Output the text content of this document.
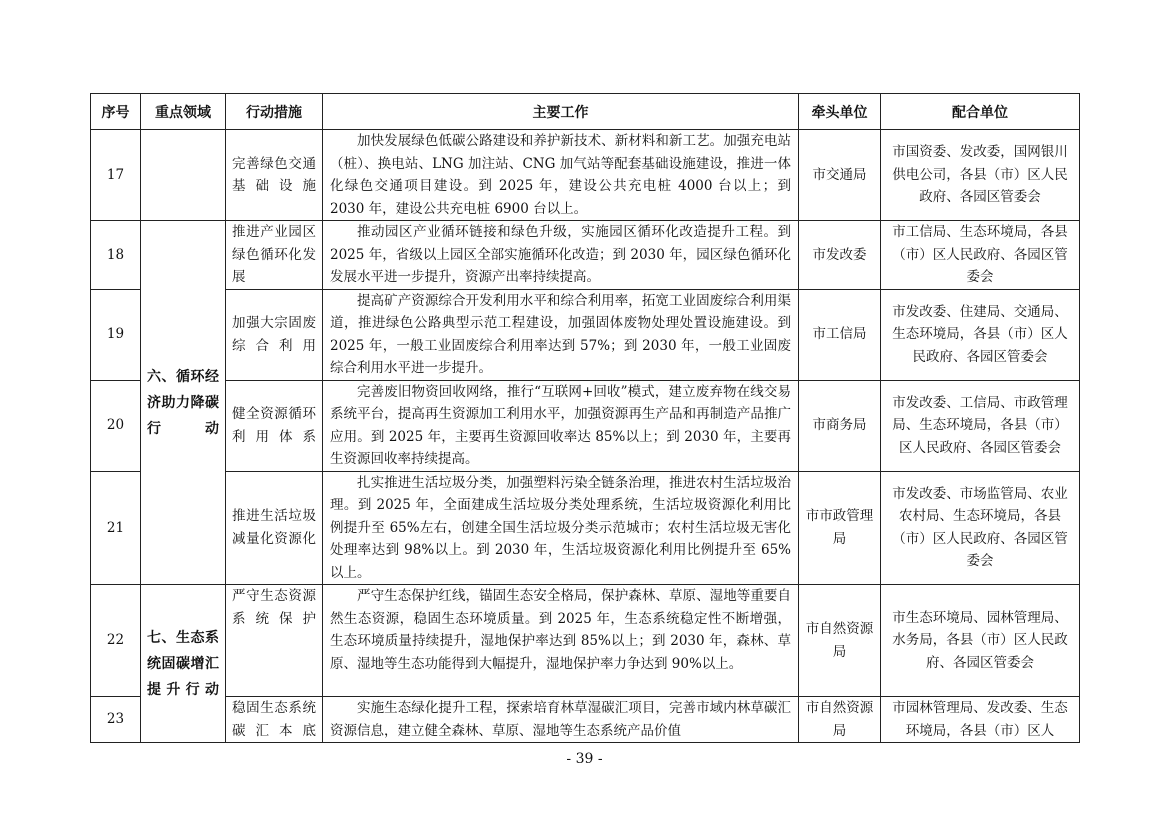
序号	重点领域	行动措施	主要工作	牵头单位	配合单位
17		完善绿色交通基础设施	加快发展绿色低碳公路建设和养护新技术、新材料和新工艺。加强充电站（桩）、换电站、LNG 加注站、CNG 加气站等配套基础设施建设，推进一体化绿色交通项目建设。到 2025 年，建设公共充电桩 4000 台以上；到 2030 年，建设公共充电桩 6900 台以上。	市交通局	市国资委、发改委，国网银川供电公司，各县（市）区人民政府、各园区管委会
18	六、循环经济助力降碳行动	推进产业园区绿色循环化发展	推动园区产业循环链接和绿色升级，实施园区循环化改造提升工程。到 2025 年，省级以上园区全部实施循环化改造；到 2030 年，园区绿色循环化发展水平进一步提升，资源产出率持续提高。	市发改委	市工信局、生态环境局，各县（市）区人民政府、各园区管委会
19		加强大宗固废综合利用	提高矿产资源综合开发利用水平和综合利用率，拓宽工业固废综合利用渠道，推进绿色公路典型示范工程建设，加强固体废物处理处置设施建设。到 2025 年，一般工业固废综合利用率达到 57%；到 2030 年，一般工业固废综合利用水平进一步提升。	市工信局	市发改委、住建局、交通局、生态环境局，各县（市）区人民政府、各园区管委会
20		健全资源循环利用体系	完善废旧物资回收网络，推行“互联网+回收”模式，建立废弃物在线交易系统平台，提高再生资源加工利用水平，加强资源再生产品和再制造产品推广应用。到 2025 年，主要再生资源回收率达 85%以上；到 2030 年，主要再生资源回收率持续提高。	市商务局	市发改委、工信局、市政管理局、生态环境局，各县（市）区人民政府、各园区管委会
21		推进生活垃圾减量化资源化	扎实推进生活垃圾分类，加强塑料污染全链条治理，推进农村生活垃圾治理。到 2025 年，全面建成生活垃圾分类处理系统，生活垃圾资源化利用比例提升至 65%左右，创建全国生活垃圾分类示范城市；农村生活垃圾无害化处理率达到 98%以上。到 2030 年，生活垃圾资源化利用比例提升至 65%以上。	市市政管理局	市发改委、市场监管局、农业农村局、生态环境局，各县（市）区人民政府、各园区管委会
22	七、生态系统固碳增汇提升行动	严守生态资源系统保护	严守生态保护红线，锚固生态安全格局，保护森林、草原、湿地等重要自然生态资源，稳固生态环境质量。到 2025 年，生态系统稳定性不断增强，生态环境质量持续提升，湿地保护率达到 85%以上；到 2030 年，森林、草原、湿地等生态功能得到大幅提升，湿地保护率力争达到 90%以上。	市自然资源局	市生态环境局、园林管理局、水务局，各县（市）区人民政府、各园区管委会
23		稳固生态系统碳汇本底	实施生态绿化提升工程，探索培育林草湿碳汇项目，完善市域内林草碳汇资源信息，建立健全森林、草原、湿地等生态系统产品价值	市自然资源局	市园林管理局、发改委、生态环境局，各县（市）区人
- 39 -
